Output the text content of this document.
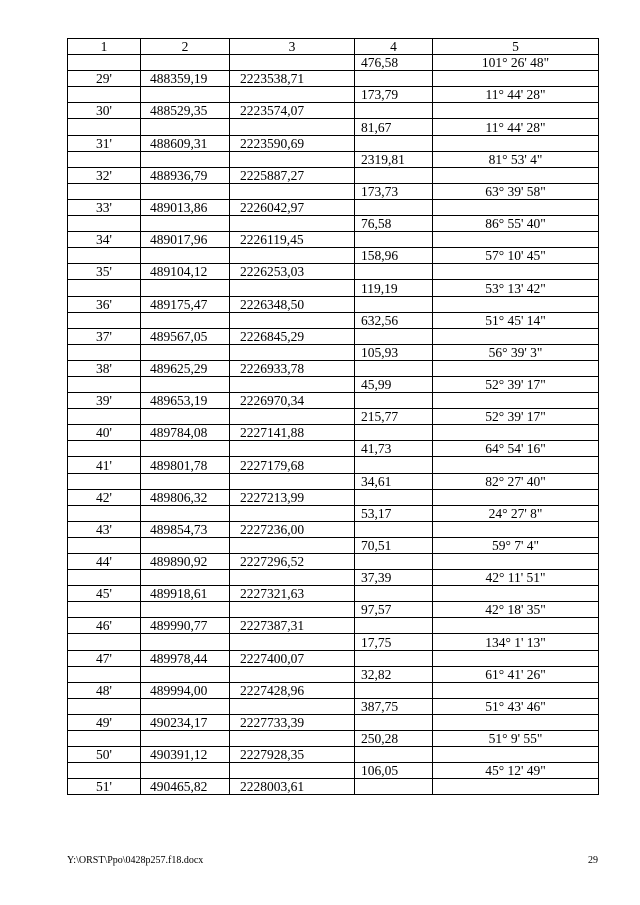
1	2	3	4	5
			476,58	101° 26' 48"
29'	488359,19	2223538,71		
			173,79	11° 44' 28"
30'	488529,35	2223574,07		
			81,67	11° 44' 28"
31'	488609,31	2223590,69		
			2319,81	81° 53' 4"
32'	488936,79	2225887,27		
			173,73	63° 39' 58"
33'	489013,86	2226042,97		
			76,58	86° 55' 40"
34'	489017,96	2226119,45		
			158,96	57° 10' 45"
35'	489104,12	2226253,03		
			119,19	53° 13' 42"
36'	489175,47	2226348,50		
			632,56	51° 45' 14"
37'	489567,05	2226845,29		
			105,93	56° 39' 3"
38'	489625,29	2226933,78		
			45,99	52° 39' 17"
39'	489653,19	2226970,34		
			215,77	52° 39' 17"
40'	489784,08	2227141,88		
			41,73	64° 54' 16"
41'	489801,78	2227179,68		
			34,61	82° 27' 40"
42'	489806,32	2227213,99		
			53,17	24° 27' 8"
43'	489854,73	2227236,00		
			70,51	59° 7' 4"
44'	489890,92	2227296,52		
			37,39	42° 11' 51"
45'	489918,61	2227321,63		
			97,57	42° 18' 35"
46'	489990,77	2227387,31		
			17,75	134° 1' 13"
47'	489978,44	2227400,07		
			32,82	61° 41' 26"
48'	489994,00	2227428,96		
			387,75	51° 43' 46"
49'	490234,17	2227733,39		
			250,28	51° 9' 55"
50'	490391,12	2227928,35		
			106,05	45° 12' 49"
51'	490465,82	2228003,61		
Y:\ORST\Ppo\0428p257.f18.docx	29
